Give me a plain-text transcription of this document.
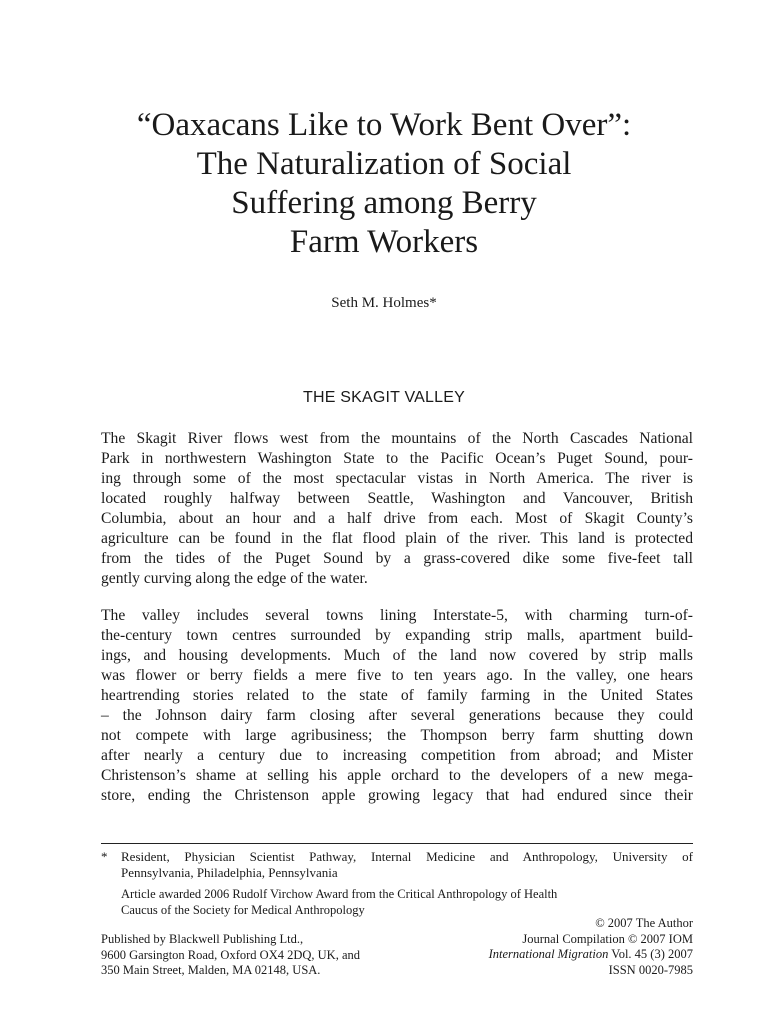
“Oaxacans Like to Work Bent Over”:
The Naturalization of Social
Suffering among Berry
Farm Workers
Seth M. Holmes*
THE SKAGIT VALLEY

The Skagit River flows west from the mountains of the North Cascades National
Park in northwestern Washington State to the Pacific Ocean’s Puget Sound, pour-
ing through some of the most spectacular vistas in North America. The river is
located roughly halfway between Seattle, Washington and Vancouver, British
Columbia, about an hour and a half drive from each. Most of Skagit County’s
agriculture can be found in the flat flood plain of the river. This land is protected
from the tides of the Puget Sound by a grass-covered dike some five-feet tall
gently curving along the edge of the water.

The valley includes several towns lining Interstate-5, with charming turn-of-
the-century town centres surrounded by expanding strip malls, apartment build-
ings, and housing developments. Much of the land now covered by strip malls
was flower or berry fields a mere five to ten years ago. In the valley, one hears
heartrending stories related to the state of family farming in the United States
– the Johnson dairy farm closing after several generations because they could
not compete with large agribusiness; the Thompson berry farm shutting down
after nearly a century due to increasing competition from abroad; and Mister
Christenson’s shame at selling his apple orchard to the developers of a new mega-
store, ending the Christenson apple growing legacy that had endured since their

* Resident, Physician Scientist Pathway, Internal Medicine and Anthropology, University of
Pennsylvania, Philadelphia, Pennsylvania
Article awarded 2006 Rudolf Virchow Award from the Critical Anthropology of Health
Caucus of the Society for Medical Anthropology
Published by Blackwell Publishing Ltd.,
9600 Garsington Road, Oxford OX4 2DQ, UK, and
350 Main Street, Malden, MA 02148, USA.
© 2007 The Author
Journal Compilation © 2007 IOM
International Migration Vol. 45 (3) 2007
ISSN 0020-7985
